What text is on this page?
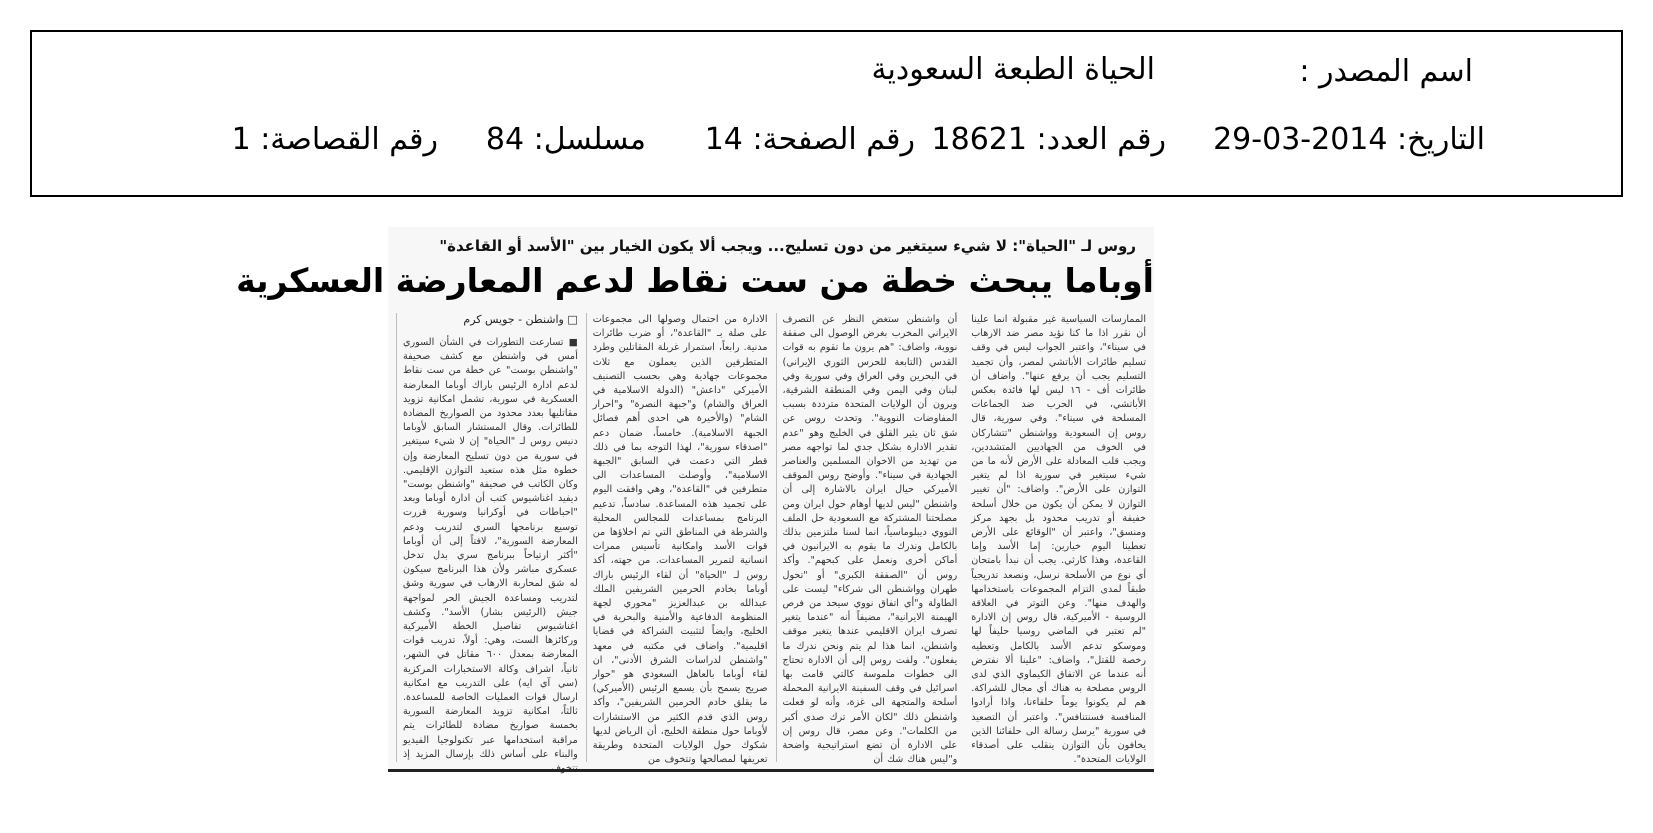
اسم المصدر :
الحياة الطبعة السعودية
التاريخ: 2014-03-29
رقم العدد: 18621
رقم الصفحة: 14
مسلسل: 84
رقم القصاصة: 1
روس لـ "الحياة": لا شيء سيتغير من دون تسليح... ويجب ألا يكون الخيار بين "الأسد أو القاعدة"
أوباما يبحث خطة من ست نقاط لدعم المعارضة العسكرية
□ واشنطن - جويس كرم
■ تسارعت التطورات في الشأن السوري أمس في واشنطن مع كشف صحيفة "واشنطن بوست" عن خطة من ست نقاط لدعم ادارة الرئيس باراك أوباما المعارضة العسكرية في سورية، تشمل امكانية تزويد مقاتليها بعدد محدود من الصواريخ المضادة للطائرات. وقال المستشار السابق لأوباما دنيس روس لـ "الحياة" إن لا شيء سيتغير في سورية من دون تسليح المعارضة وإن خطوة مثل هذه ستعيد التوازن الإقليمي. وكان الكاتب في صحيفة "واشنطن بوست" ديفيد اغناشيوس كتب أن ادارة أوباما وبعد "احباطات في أوكرانيا وسورية قررت توسيع برنامجها السري لتدريب ودعم المعارضة السورية"، لافتاً إلى أن أوباما "أكثر ارتياحاً ببرنامج سري بدل تدخل عسكري مباشر ولأن هذا البرنامج سيكون له شق لمحاربة الارهاب في سورية وشق لتدريب ومساعدة الجيش الحر لمواجهة جيش (الرئيس بشار) الأسد". وكشف اغناشيوس تفاصيل الخطة الأميركية وركائزها الست، وهي: أولاً، تدريب قوات المعارضة بمعدل ٦٠٠ مقاتل في الشهر، ثانياً، اشراف وكالة الاستخبارات المركزية (سي آي ايه) على التدريب مع امكانية ارسال قوات العمليات الخاصة للمساعدة. ثالثاً، امكانية تزويد المعارضة السورية بخمسة صواريخ مضادة للطائرات يتم مراقبة استخدامها عبر تكنولوجيا الفيديو والبناء على أساس ذلك بإرسال المزيد إذ
الادارة من احتمال وصولها الى مجموعات على صلة بـ "القاعدة"، أو ضرب طائرات مدنية. رابعاً، استمرار غربلة المقاتلين وطرد المتطرفين الذين يعملون مع ثلاث مجموعات جهادية وهي بحسب التصنيف الأميركي "داعش" (الدولة الاسلامية في العراق والشام) و"جبهة النصرة" و"احرار الشام" (والأخيرة هي احدى أهم فصائل الجبهة الاسلامية). خامساً، ضمان دعم "اصدقاء سورية"، لهذا التوجه بما في ذلك قطر التي دعمت في السابق "الجبهة الاسلامية"، وأوصلت المساعدات الى متطرفين في "القاعدة"، وهي وافقت اليوم على تجميد هذه المساعدة. سادساً، تدعيم البرنامج بمساعدات للمجالس المحلية والشرطة في المناطق التي تم اخلاؤها من قوات الأسد وامكانية تأسيس ممرات انسانية لتمرير المساعدات. من جهته، أكد روس لـ "الحياة" أن لقاء الرئيس باراك أوباما بخادم الحرمين الشريفين الملك عبدالله بن عبدالعزيز "محوري لجهة المنظومة الدفاعية والأمنية والبحرية في الخليج، وايضاً لتثبيت الشراكة في قضايا اقليمية". واضاف في مكتبه في معهد "واشنطن لدراسات الشرق الأدنى"، ان لقاء أوباما بالعاهل السعودي هو "حوار صريح يسمح بأن يسمع الرئيس (الأميركي) ما يقلق خادم الحرمين الشريفين"، وأكد روس الذي قدم الكثير من الاستشارات لأوباما حول منطقة الخليج، أن الرياض لديها شكوك حول الولايات المتحدة وطريقة تعريفها لمصالحها وتتخوف من
أن واشنطن ستغض النظر عن التصرف الايراني المخرب بغرض الوصول الى صفقة نووية، واضاف: "هم يرون ما تقوم به قوات القدس (التابعة للحرس الثوري الإيراني) في البحرين وفي العراق وفي سورية وفي لبنان وفي اليمن وفي المنطقة الشرقية، ويرون أن الولايات المتحدة مترددة بسبب المفاوضات النووية". وتحدث روس عن شق ثان يثير القلق في الخليج وهو "عدم تقدير الادارة بشكل جدي لما تواجهه مصر من تهديد من الاخوان المسلمين والعناصر الجهادية في سيناء". وأوضح روس الموقف الأميركي حيال ايران بالاشارة إلى أن واشنطن "ليس لديها أوهام حول ايران ومن مصلحتنا المشتركة مع السعودية حل الملف النووي ديبلوماسياً، انما لسنا ملتزمين بذلك بالكامل وندرك ما يقوم به الايرانيون في أماكن أخرى ونعمل على كبحهم". وأكد روس أن "الصفقة الكبرى" أو "تحول طهران وواشنطن الى شركاء" ليست على الطاولة و"أي اتفاق نووي سيحد من فرص الهيمنة الايرانية"، مضيفاً أنه "عندما يتغير تصرف ايران الاقليمي عندها يتغير موقف واشنطن، انما هذا لم يتم ونحن ندرك ما يفعلون". ولفت روس إلى أن الادارة تحتاج الى خطوات ملموسة كالتي قامت بها اسرائيل في وقف السفينة الايرانية المحملة أسلحة والمتجهة الى غزة، وأنه لو فعلت واشنطن ذلك "لكان الأمر ترك صدى أكبر من الكلمات". وعن مصر، قال روس إن على الادارة أن تضع استراتيجية واضحة و"ليس هناك شك أن
الممارسات السياسية غير مقبولة انما علينا أن نقرر اذا ما كنا نؤيد مصر ضد الارهاب في سيناء"، واعتبر الجواب ليس في وقف تسليم طائرات الأباتشي لمصر، وأن تجميد التسليم يجب أن يرفع عنها". واضاف أن طائرات أف - ١٦ ليس لها فائدة بعكس الأباتشي، في الحرب ضد الجماعات المسلحة في سيناء". وفي سورية، قال روس إن السعودية وواشنطن "تتشاركان في الخوف من الجهاديين المتشددين، ويجب قلب المعادلة على الأرض لأنه ما من شيء سيتغير في سورية اذا لم يتغير التوازن على الأرض". واضاف: "أن تغيير التوازن لا يمكن أن يكون من خلال أسلحة خفيفة أو تدريب محدود بل بجهد مركز ومنسق"، واعتبر أن "الوقائع على الأرض تعطينا اليوم خيارين: إما الأسد وإما القاعدة، وهذا كارثي. يجب أن نبدأ بامتحان أي نوع من الأسلحة نرسل، ونصعد تدريجياً طبقاً لمدى التزام المجموعات باستخدامها والهدف منها". وعن التوتر في العلاقة الروسية - الأميركية، قال روس إن الادارة "لم تعتبر في الماضي روسيا حليفاً لها وموسكو تدعم الأسد بالكامل وتعطيه رخصة للقتل"، واضاف: "علينا ألا نفترض أنه عندما عن الاتفاق الكيماوي الذي لدى الروس مصلحة به هناك أي مجال للشراكة. هم لم يكونوا يوماً حلفاءنا، واذا أرادوا المنافسة فسنتنافس". واعتبر أن التصعيد في سورية "يرسل رسالة الى حلفائنا الذين يخافون بأن التوازن ينقلب على أصدقاء الولايات المتحدة".
